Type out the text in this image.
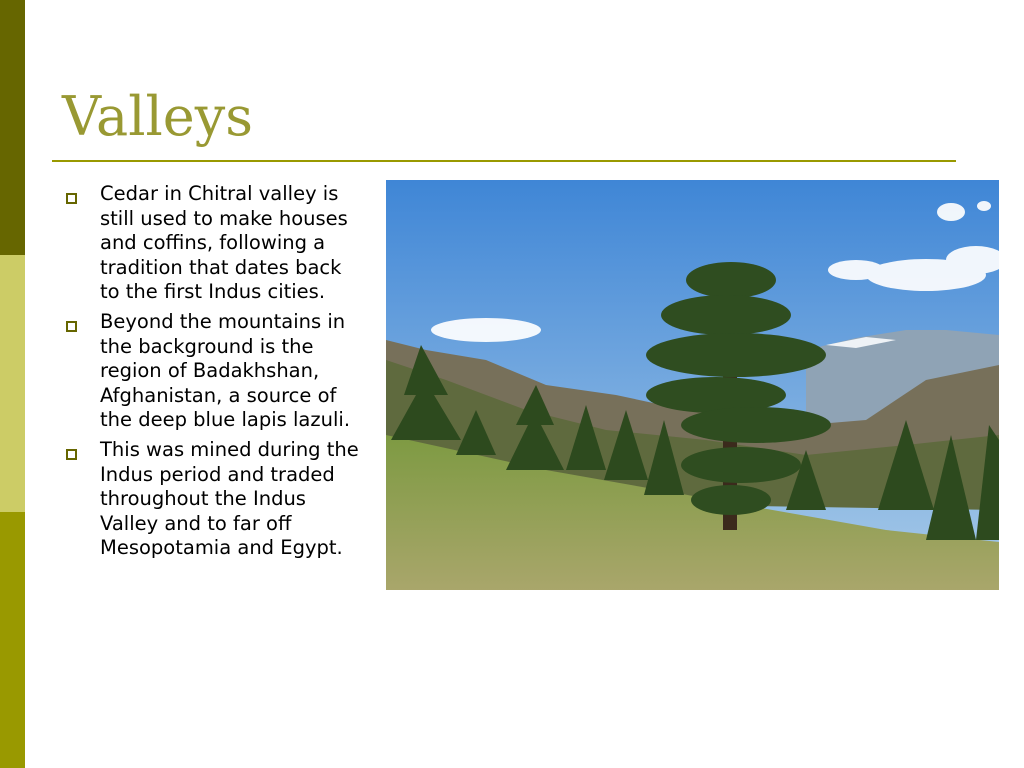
Valleys
Cedar in Chitral valley is still used to make houses and coffins, following a tradition that dates back to the first Indus cities.
Beyond the mountains in the background is the region of Badakhshan, Afghanistan, a source of the deep blue lapis lazuli.
This was mined during the Indus period and traded throughout the Indus Valley and to far off Mesopotamia and Egypt.
